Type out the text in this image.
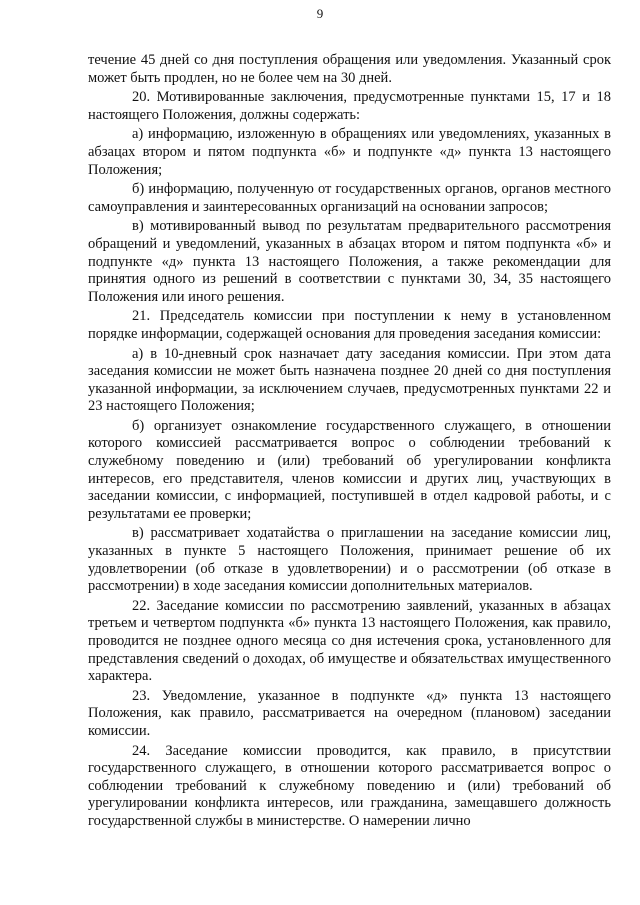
9

течение 45 дней со дня поступления обращения или уведомления. Указанный срок может быть продлен, но не более чем на 30 дней.

20. Мотивированные заключения, предусмотренные пунктами 15, 17 и 18 настоящего Положения, должны содержать:

а) информацию, изложенную в обращениях или уведомлениях, указанных в абзацах втором и пятом подпункта «б» и подпункте «д» пункта 13 настоящего Положения;

б) информацию, полученную от государственных органов, органов местного самоуправления и заинтересованных организаций на основании запросов;

в) мотивированный вывод по результатам предварительного рассмотрения обращений и уведомлений, указанных в абзацах втором и пятом подпункта «б» и подпункте «д» пункта 13 настоящего Положения, а также рекомендации для принятия одного из решений в соответствии с пунктами 30, 34, 35 настоящего Положения или иного решения.

21. Председатель комиссии при поступлении к нему в установленном порядке информации, содержащей основания для проведения заседания комиссии:

а) в 10-дневный срок назначает дату заседания комиссии. При этом дата заседания комиссии не может быть назначена позднее 20 дней со дня поступления указанной информации, за исключением случаев, предусмотренных пунктами 22 и 23 настоящего Положения;

б) организует ознакомление государственного служащего, в отношении которого комиссией рассматривается вопрос о соблюдении требований к служебному поведению и (или) требований об урегулировании конфликта интересов, его представителя, членов комиссии и других лиц, участвующих в заседании комиссии, с информацией, поступившей в отдел кадровой работы, и с результатами ее проверки;

в) рассматривает ходатайства о приглашении на заседание комиссии лиц, указанных в пункте 5 настоящего Положения, принимает решение об их удовлетворении (об отказе в удовлетворении) и о рассмотрении (об отказе в рассмотрении) в ходе заседания комиссии дополнительных материалов.

22. Заседание комиссии по рассмотрению заявлений, указанных в абзацах третьем и четвертом подпункта «б» пункта 13 настоящего Положения, как правило, проводится не позднее одного месяца со дня истечения срока, установленного для представления сведений о доходах, об имуществе и обязательствах имущественного характера.

23. Уведомление, указанное в подпункте «д» пункта 13 настоящего Положения, как правило, рассматривается на очередном (плановом) заседании комиссии.

24. Заседание комиссии проводится, как правило, в присутствии государственного служащего, в отношении которого рассматривается вопрос о соблюдении требований к служебному поведению и (или) требований об урегулировании конфликта интересов, или гражданина, замещавшего должность государственной службы в министерстве. О намерении лично
